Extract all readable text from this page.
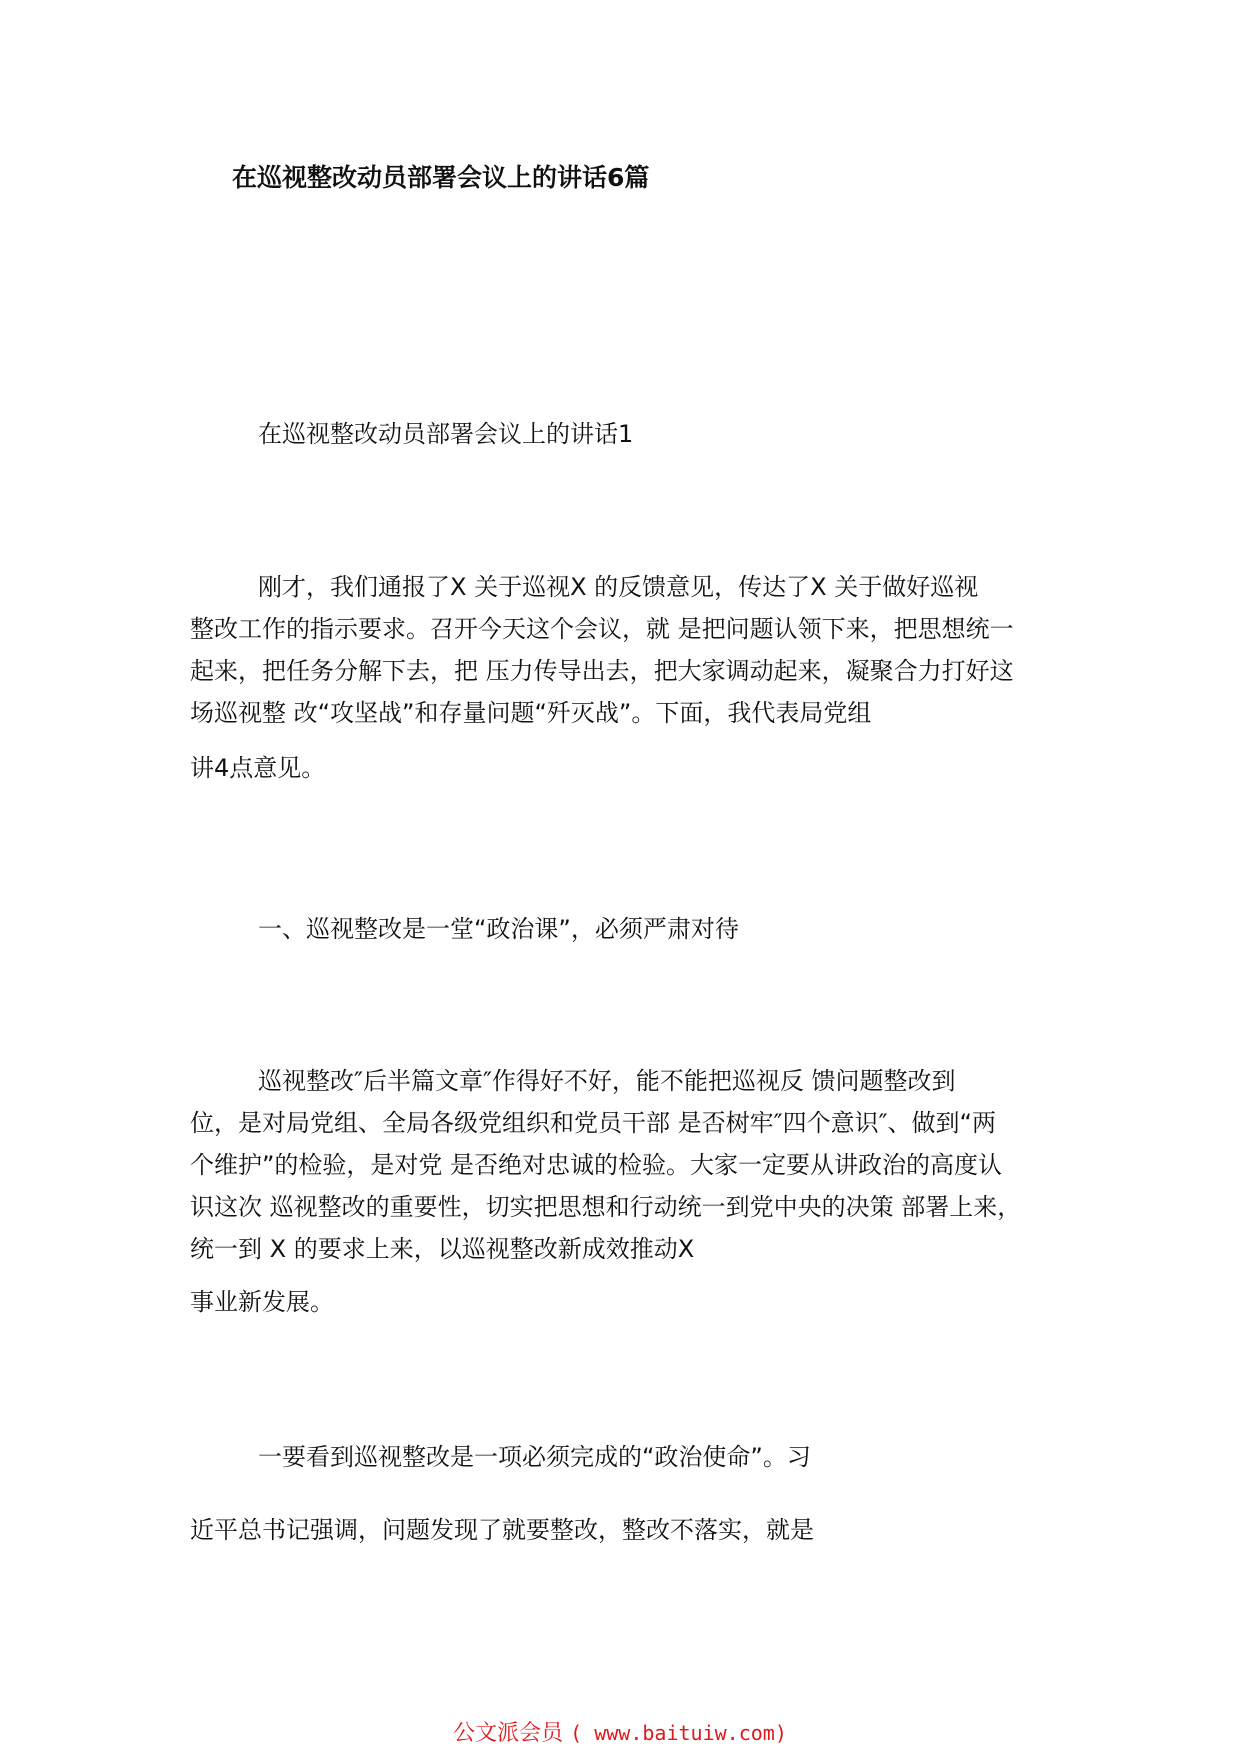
在巡视整改动员部署会议上的讲话6篇
在巡视整改动员部署会议上的讲话1
刚才，我们通报了X 关于巡视X 的反馈意见，传达了X 关于做好巡视
整改工作的指示要求。召开今天这个会议，就 是把问题认领下来，把思想统一
起来，把任务分解下去，把 压力传导出去，把大家调动起来，凝聚合力打好这
场巡视整 改“攻坚战”和存量问题“歼灭战”。下面，我代表局党组
讲4点意见。
一、巡视整改是一堂“政治课”，必须严肃对待
巡视整改″后半篇文章″作得好不好，能不能把巡视反 馈问题整改到
位，是对局党组、全局各级党组织和党员干部 是否树牢″四个意识″、做到“两
个维护”的检验，是对党 是否绝对忠诚的检验。大家一定要从讲政治的高度认
识这次 巡视整改的重要性，切实把思想和行动统一到党中央的决策 部署上来，
统一到 X 的要求上来，以巡视整改新成效推动X
事业新发展。
一要看到巡视整改是一项必须完成的“政治使命”。习
近平总书记强调，问题发现了就要整改，整改不落实，就是
公文派会员 ( www.baituiw.com)
